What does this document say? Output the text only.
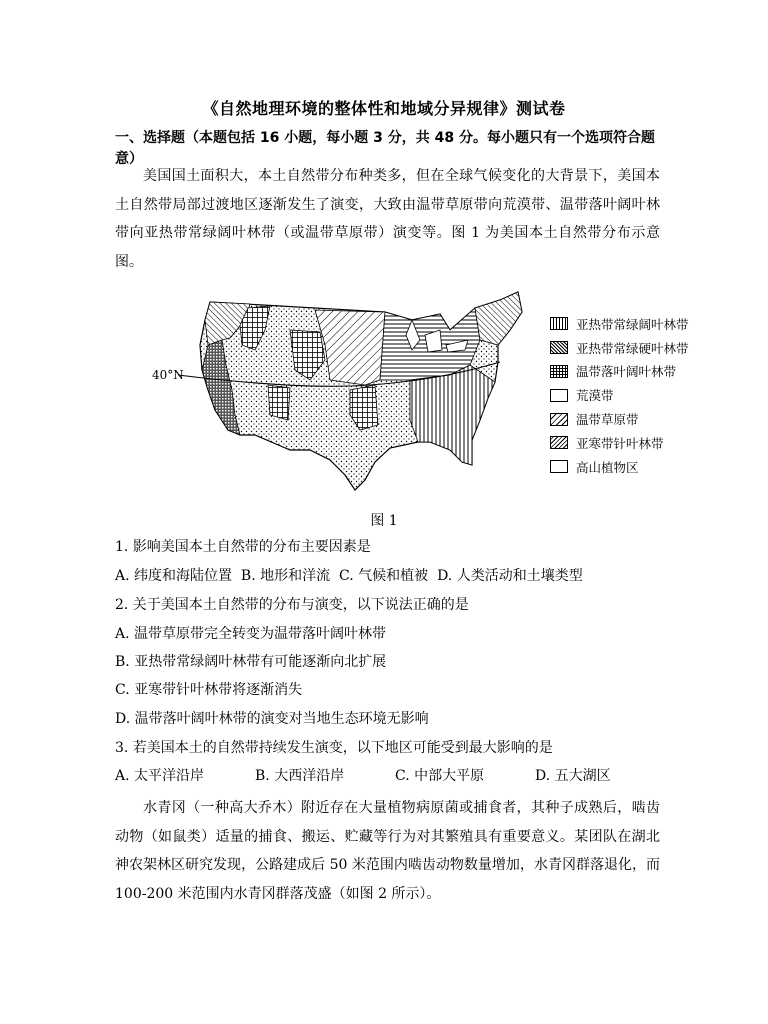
《自然地理环境的整体性和地域分异规律》测试卷
一、选择题（本题包括 16 小题，每小题 3 分，共 48 分。每小题只有一个选项符合题意）

美国国土面积大，本土自然带分布种类多，但在全球气候变化的大背景下，美国本土自然带局部过渡地区逐渐发生了演变，大致由温带草原带向荒漠带、温带落叶阔叶林带向亚热带常绿阔叶林带（或温带草原带）演变等。图 1 为美国本土自然带分布示意图。

40°N
亚热带常绿阔叶林带
亚热带常绿硬叶林带
温带落叶阔叶林带
荒漠带
温带草原带
亚寒带针叶林带
高山植物区
图 1
1. 影响美国本土自然带的分布主要因素是
A. 纬度和海陆位置 B. 地形和洋流 C. 气候和植被 D. 人类活动和土壤类型
2. 关于美国本土自然带的分布与演变，以下说法正确的是
A. 温带草原带完全转变为温带落叶阔叶林带
B. 亚热带常绿阔叶林带有可能逐渐向北扩展
C. 亚寒带针叶林带将逐渐消失
D. 温带落叶阔叶林带的演变对当地生态环境无影响
3. 若美国本土的自然带持续发生演变，以下地区可能受到最大影响的是
A. 太平洋沿岸	B. 大西洋沿岸	C. 中部大平原	D. 五大湖区

水青冈（一种高大乔木）附近存在大量植物病原菌或捕食者，其种子成熟后，啮齿动物（如鼠类）适量的捕食、搬运、贮藏等行为对其繁殖具有重要意义。某团队在湖北神农架林区研究发现，公路建成后 50 米范围内啮齿动物数量增加，水青冈群落退化，而 100-200 米范围内水青冈群落茂盛（如图 2 所示）。
